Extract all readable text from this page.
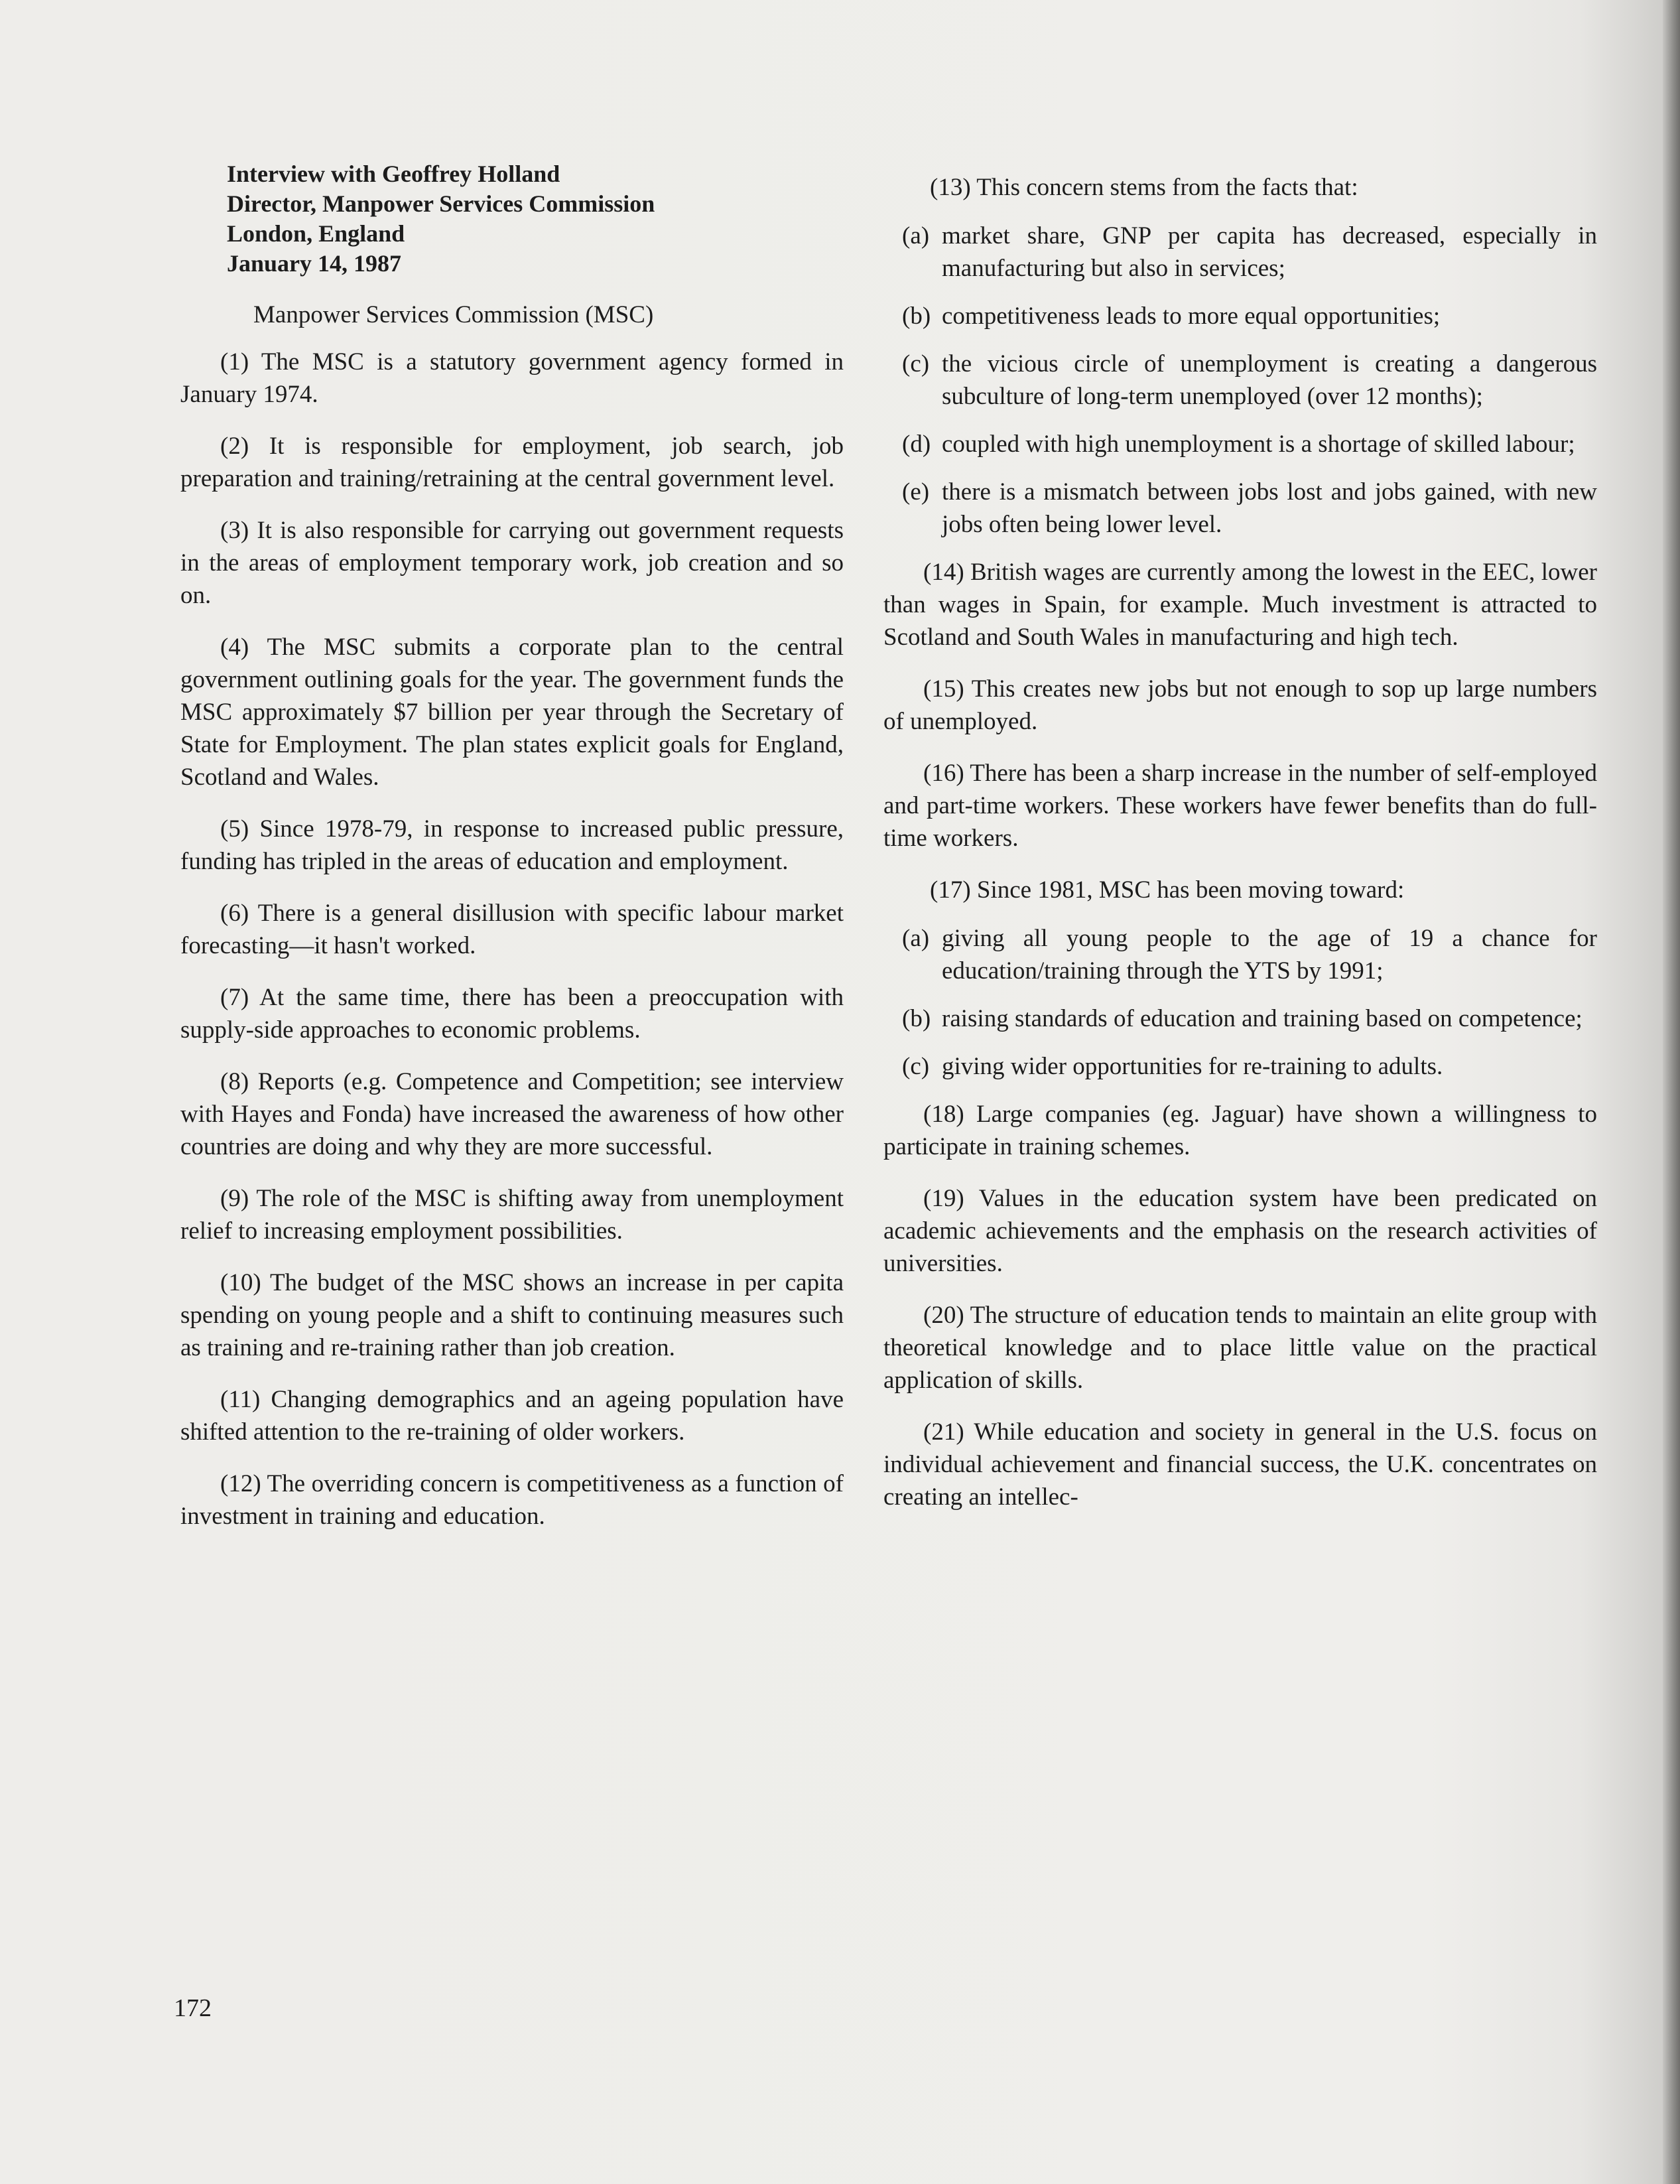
Interview with Geoffrey Holland
Director, Manpower Services Commission
London, England
January 14, 1987
Manpower Services Commission (MSC)

(1) The MSC is a statutory government agency formed in January 1974.

(2) It is responsible for employment, job search, job preparation and training/retraining at the central government level.

(3) It is also responsible for carrying out government requests in the areas of employment temporary work, job creation and so on.

(4) The MSC submits a corporate plan to the central government outlining goals for the year. The government funds the MSC approximately $7 billion per year through the Secretary of State for Employment. The plan states explicit goals for England, Scotland and Wales.

(5) Since 1978-79, in response to increased public pressure, funding has tripled in the areas of education and employment.

(6) There is a general disillusion with specific labour market forecasting—it hasn't worked.

(7) At the same time, there has been a preoccupation with supply-side approaches to economic problems.

(8) Reports (e.g. Competence and Competition; see interview with Hayes and Fonda) have increased the awareness of how other countries are doing and why they are more successful.

(9) The role of the MSC is shifting away from unemployment relief to increasing employment possibilities.

(10) The budget of the MSC shows an increase in per capita spending on young people and a shift to continuing measures such as training and re-training rather than job creation.

(11) Changing demographics and an ageing population have shifted attention to the re-training of older workers.

(12) The overriding concern is competitiveness as a function of investment in training and education.

(13) This concern stems from the facts that:

(a) market share, GNP per capita has decreased, especially in manufacturing but also in services;
(b) competitiveness leads to more equal opportunities;
(c) the vicious circle of unemployment is creating a dangerous subculture of long-term unemployed (over 12 months);
(d) coupled with high unemployment is a shortage of skilled labour;
(e) there is a mismatch between jobs lost and jobs gained, with new jobs often being lower level.

(14) British wages are currently among the lowest in the EEC, lower than wages in Spain, for example. Much investment is attracted to Scotland and South Wales in manufacturing and high tech.

(15) This creates new jobs but not enough to sop up large numbers of unemployed.

(16) There has been a sharp increase in the number of self-employed and part-time workers. These workers have fewer benefits than do full-time workers.

(17) Since 1981, MSC has been moving toward:

(a) giving all young people to the age of 19 a chance for education/training through the YTS by 1991;
(b) raising standards of education and training based on competence;
(c) giving wider opportunities for re-training to adults.

(18) Large companies (eg. Jaguar) have shown a willingness to participate in training schemes.

(19) Values in the education system have been predicated on academic achievements and the emphasis on the research activities of universities.

(20) The structure of education tends to maintain an elite group with theoretical knowledge and to place little value on the practical application of skills.

(21) While education and society in general in the U.S. focus on individual achievement and financial success, the U.K. concentrates on creating an intellec-

172
